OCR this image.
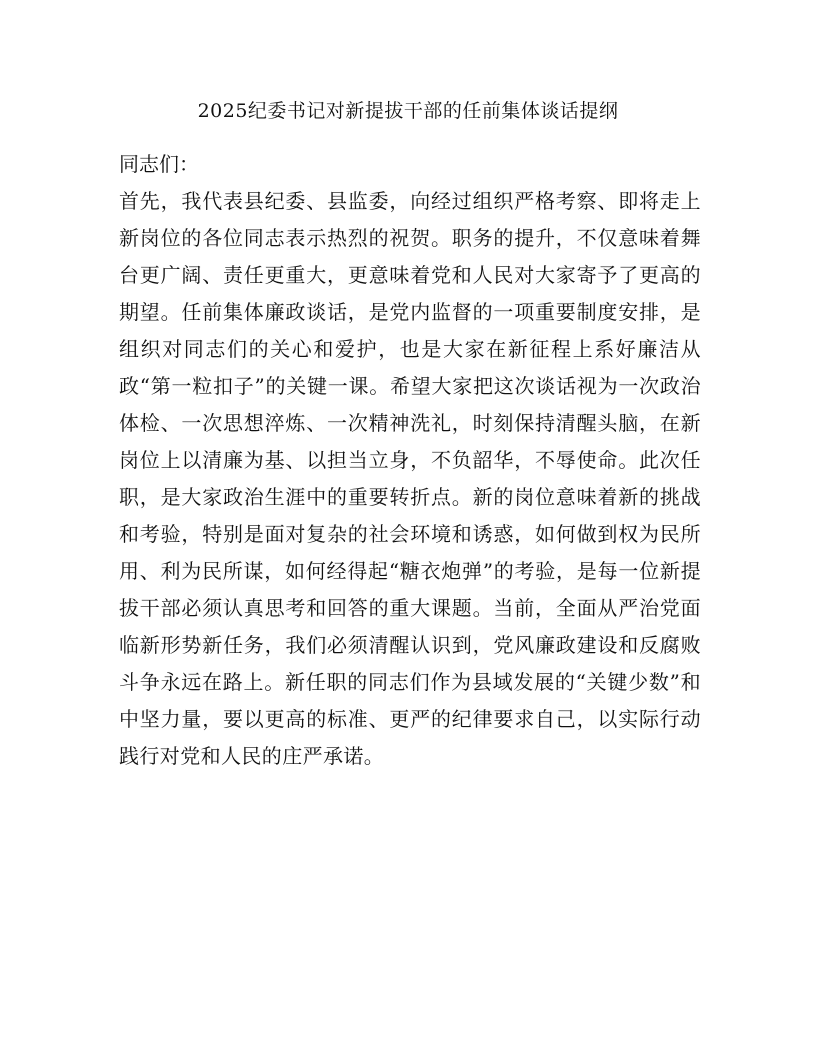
2025纪委书记对新提拔干部的任前集体谈话提纲
同志们：
首先，我代表县纪委、县监委，向经过组织严格考察、即将走上新岗位的各位同志表示热烈的祝贺。职务的提升，不仅意味着舞台更广阔、责任更重大，更意味着党和人民对大家寄予了更高的期望。任前集体廉政谈话，是党内监督的一项重要制度安排，是组织对同志们的关心和爱护，也是大家在新征程上系好廉洁从政“第一粒扣子”的关键一课。希望大家把这次谈话视为一次政治体检、一次思想淬炼、一次精神洗礼，时刻保持清醒头脑，在新岗位上以清廉为基、以担当立身，不负韶华，不辱使命。此次任职，是大家政治生涯中的重要转折点。新的岗位意味着新的挑战和考验，特别是面对复杂的社会环境和诱惑，如何做到权为民所用、利为民所谋，如何经得起“糖衣炮弹”的考验，是每一位新提拔干部必须认真思考和回答的重大课题。当前，全面从严治党面临新形势新任务，我们必须清醒认识到，党风廉政建设和反腐败斗争永远在路上。新任职的同志们作为县域发展的“关键少数”和中坚力量，要以更高的标准、更严的纪律要求自己，以实际行动践行对党和人民的庄严承诺。
